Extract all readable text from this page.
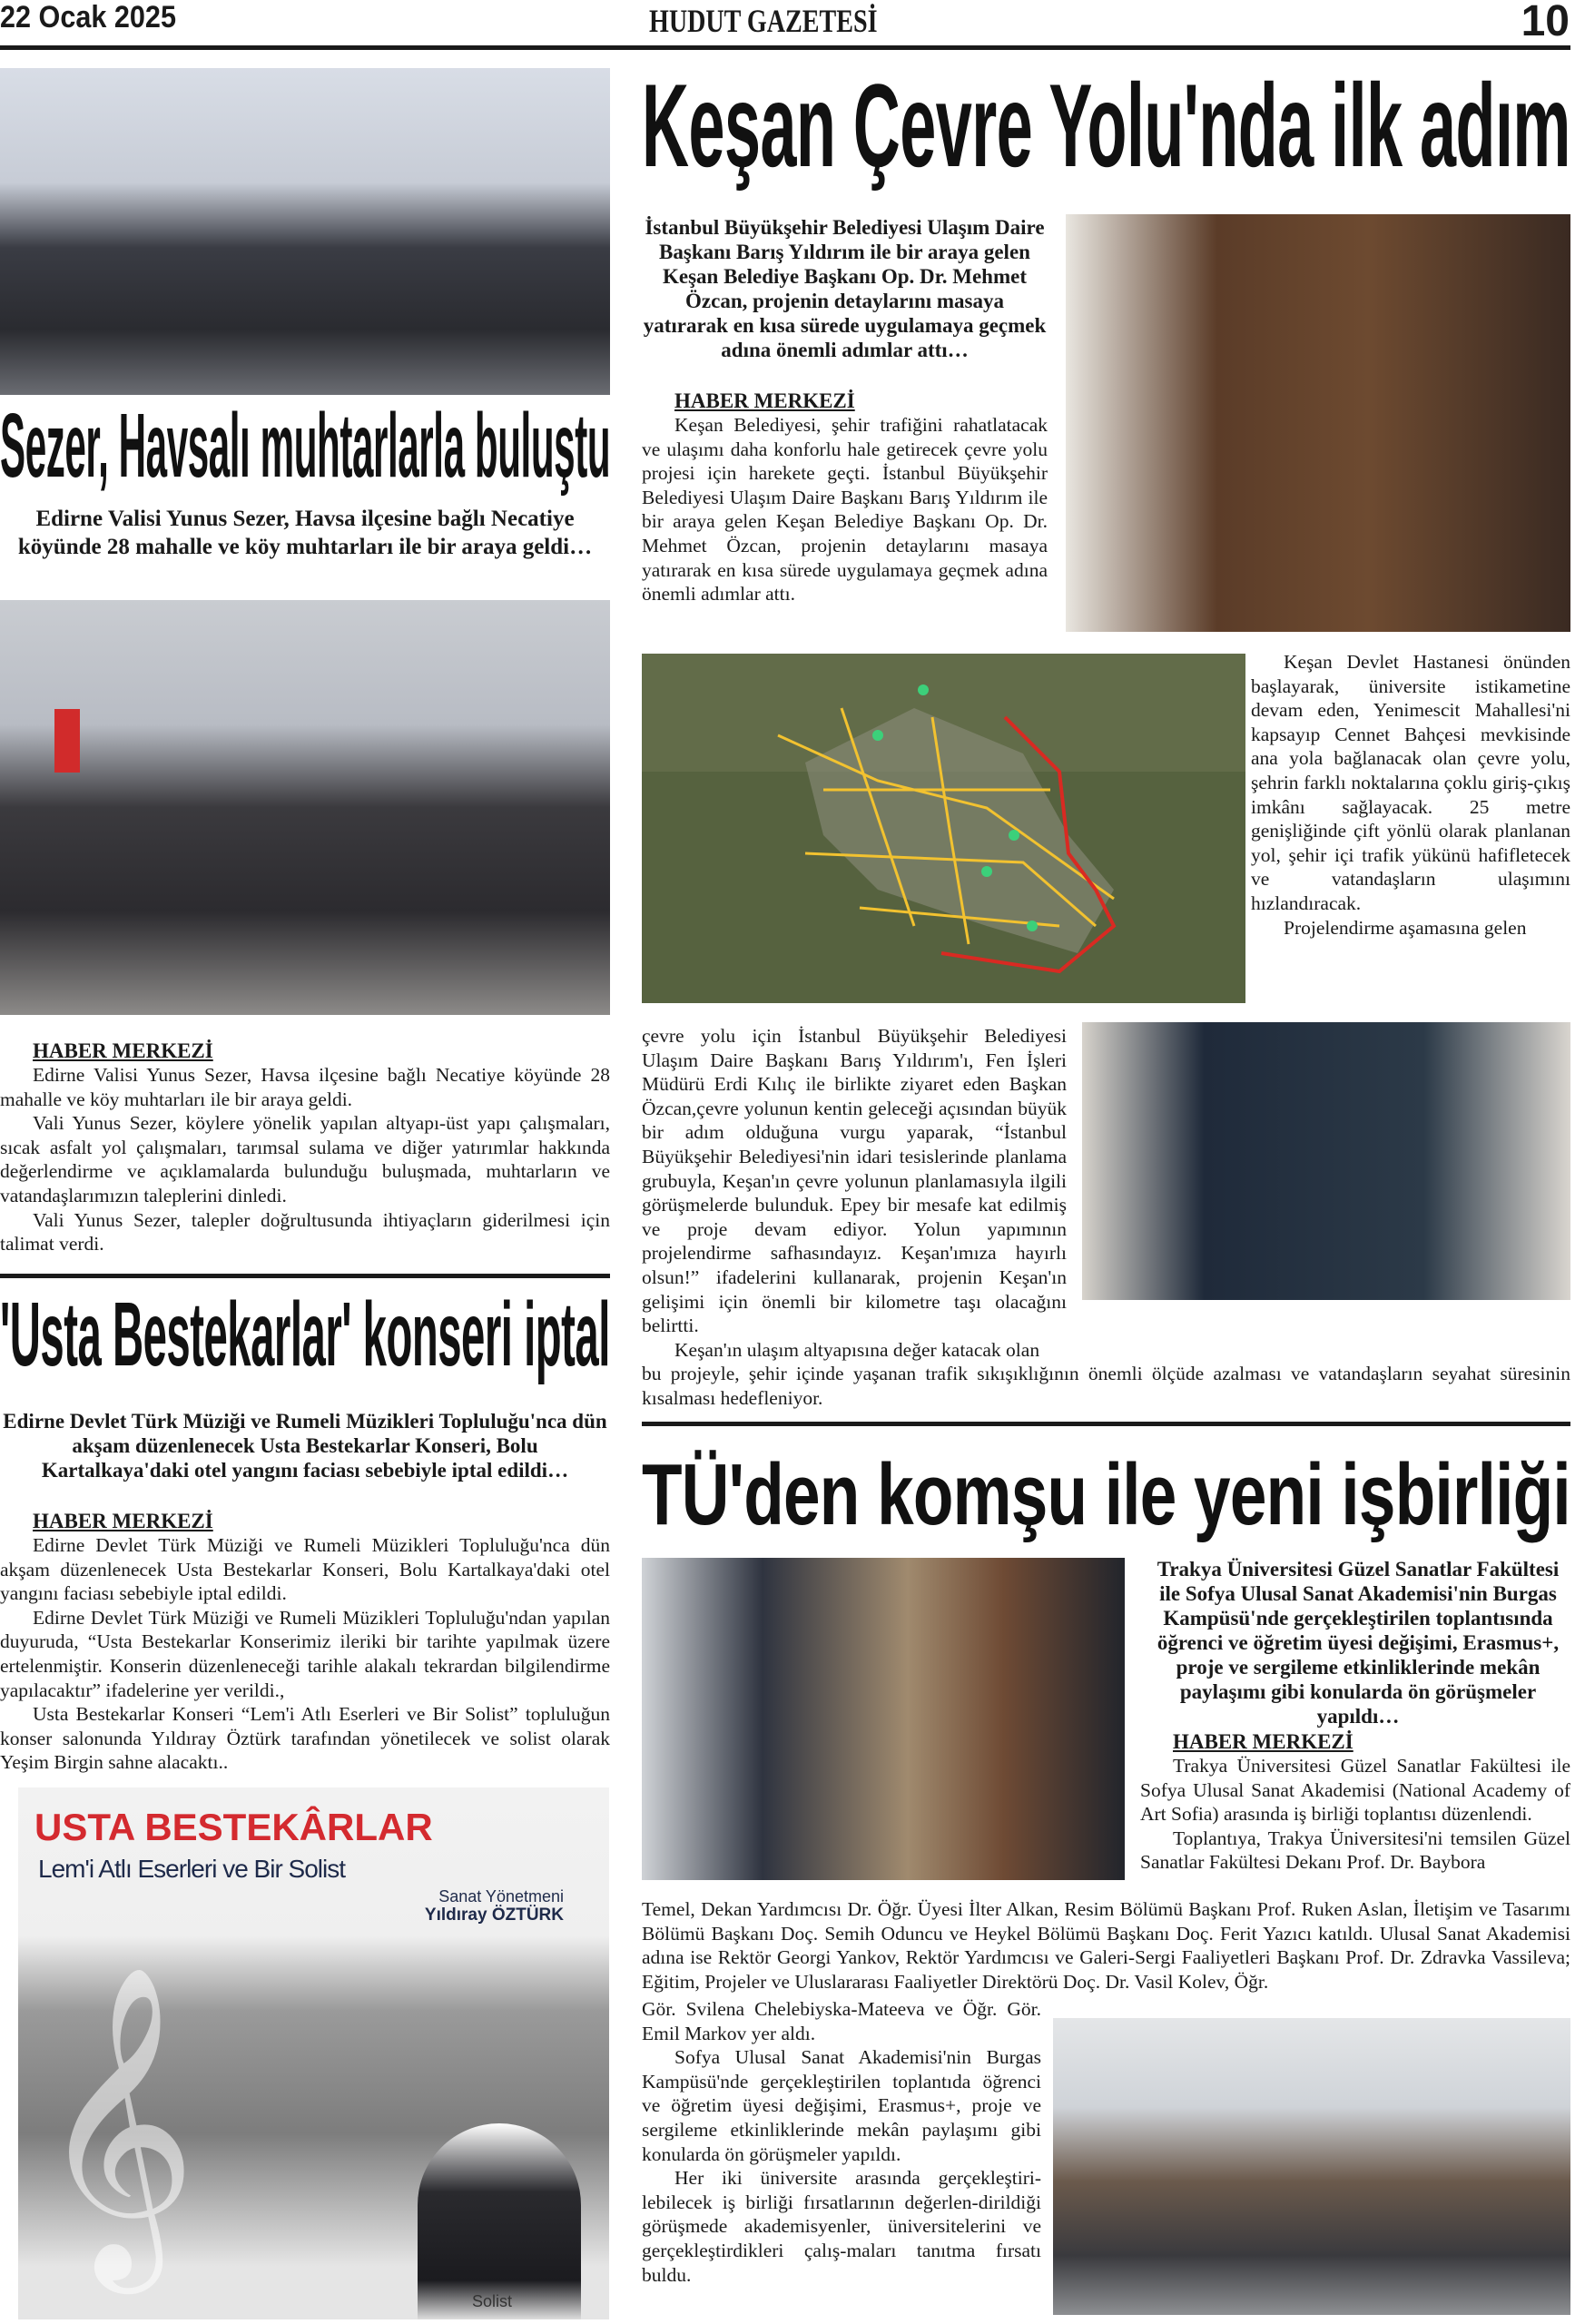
22 Ocak 2025	HUDUT GAZETESİ	10
Sezer, Havsalı muhtarlarla buluştu
Edirne Valisi Yunus Sezer, Havsa ilçesine bağlı Necatiye köyünde 28 mahalle ve köy muhtarları ile bir araya geldi…
HABER MERKEZİ

Edirne Valisi Yunus Sezer, Havsa ilçesine bağlı Necatiye köyünde 28 mahalle ve köy muhtarları ile bir araya geldi.

Vali Yunus Sezer, köylere yönelik yapılan altyapı-üst yapı çalışmaları, sıcak asfalt yol çalışmaları, tarımsal sulama ve diğer yatırımlar hakkında değerlendirme ve açıklamalarda bulunduğu buluşmada, muhtarların ve vatandaşlarımızın taleplerini dinledi.

Vali Yunus Sezer, talepler doğrultusunda ihtiyaçların giderilmesi için talimat verdi.

'Usta Bestekarlar' konseri iptal
Edirne Devlet Türk Müziği ve Rumeli Müzikleri Topluluğu'nca dün akşam düzenlenecek Usta Bestekarlar Konseri, Bolu Kartalkaya'daki otel yangını faciası sebebiyle iptal edildi…
HABER MERKEZİ

Edirne Devlet Türk Müziği ve Rumeli Müzikleri Topluluğu'nca dün akşam düzenlenecek Usta Bestekarlar Konseri, Bolu Kartalkaya'daki otel yangını faciası sebebiyle iptal edildi.

Edirne Devlet Türk Müziği ve Rumeli Müzikleri Topluluğu'ndan yapılan duyuruda, “Usta Bestekarlar Konserimiz ileriki bir tarihte yapılmak üzere ertelenmiştir. Konserin düzenleneceği tarihle alakalı tekrardan bilgilendirme yapılacaktır” ifadelerine yer verildi.,

Usta Bestekarlar Konseri “Lem'i Atlı Eserleri ve Bir Solist” topluluğun konser salonunda Yıldıray Öztürk tarafından yönetilecek ve solist olarak Yeşim Birgin sahne alacaktı..

USTA BESTEKÂRLAR
Lem'i Atlı Eserleri ve Bir Solist
Sanat Yönetmeni
Yıldıray ÖZTÜRK
𝄞
Solist
Keşan Çevre Yolu'nda ilk adım
İstanbul Büyükşehir Belediyesi Ulaşım Daire Başkanı Barış Yıldırım ile bir araya gelen Keşan Belediye Başkanı Op. Dr. Mehmet Özcan, projenin detaylarını masaya yatırarak en kısa sürede uygulamaya geçmek adına önemli adımlar attı…
HABER MERKEZİ

Keşan Belediyesi, şehir trafiğini rahatlatacak ve ulaşımı daha konforlu hale getirecek çevre yolu projesi için harekete geçti. İstanbul Büyükşehir Belediyesi Ulaşım Daire Başkanı Barış Yıldırım ile bir araya gelen Keşan Belediye Başkanı Op. Dr. Mehmet Özcan, projenin detaylarını masaya yatırarak en kısa sürede uygulamaya geçmek adına önemli adımlar attı.

Keşan Devlet Hastanesi önünden başlayarak, üniversite istikametine devam eden, Yenimescit Mahallesi'ni kapsayıp Cennet Bahçesi mevkisinde ana yola bağlanacak olan çevre yolu, şehrin farklı noktalarına çoklu giriş-çıkış imkânı sağlayacak. 25 metre genişliğinde çift yönlü olarak planlanan yol, şehir içi trafik yükünü hafifletecek ve vatandaşların ulaşımını hızlandıracak.

Projelendirme aşamasına gelen

çevre yolu için İstanbul Büyükşehir Belediyesi Ulaşım Daire Başkanı Barış Yıldırım'ı, Fen İşleri Müdürü Erdi Kılıç ile birlikte ziyaret eden Başkan Özcan,çevre yolunun kentin geleceği açısından büyük bir adım olduğuna vurgu yaparak, “İstanbul Büyükşehir Belediyesi'nin idari tesislerinde planlama grubuyla, Keşan'ın çevre yolunun planlamasıyla ilgili görüşmelerde bulunduk. Epey bir mesafe kat edilmiş ve proje devam ediyor. Yolun yapımının projelendirme safhasındayız. Keşan'ımıza hayırlı olsun!” ifadelerini kullanarak, projenin Keşan'ın gelişimi için önemli bir kilometre taşı olacağını belirtti.

Keşan'ın ulaşım altyapısına değer katacak olan

bu projeyle, şehir içinde yaşanan trafik sıkışıklığının önemli ölçüde azalması ve vatandaşların seyahat süresinin kısalması hedefleniyor.
TÜ'den komşu ile yeni işbirliği
Trakya Üniversitesi Güzel Sanatlar Fakültesi ile Sofya Ulusal Sanat Akademisi'nin Burgas Kampüsü'nde gerçekleştirilen toplantısında öğrenci ve öğretim üyesi değişimi, Erasmus+, proje ve sergileme etkinliklerinde mekân paylaşımı gibi konularda ön görüşmeler yapıldı…
HABER MERKEZİ

Trakya Üniversitesi Güzel Sanatlar Fakültesi ile Sofya Ulusal Sanat Akademisi (National Academy of Art Sofia) arasında iş birliği toplantısı düzenlendi.

Toplantıya, Trakya Üniversitesi'ni temsilen Güzel Sanatlar Fakültesi Dekanı Prof. Dr. Baybora

Temel, Dekan Yardımcısı Dr. Öğr. Üyesi İlter Alkan, Resim Bölümü Başkanı Prof. Ruken Aslan, İletişim ve Tasarımı Bölümü Başkanı Doç. Semih Oduncu ve Heykel Bölümü Başkanı Doç. Ferit Yazıcı katıldı. Ulusal Sanat Akademisi adına ise Rektör Georgi Yankov, Rektör Yardımcısı ve Galeri-Sergi Faaliyetleri Başkanı Prof. Dr. Zdravka Vassileva; Eğitim, Projeler ve Uluslararası Faaliyetler Direktörü Doç. Dr. Vasil Kolev, Öğr.

Gör. Svilena Chelebiyska-Mateeva ve Öğr. Gör. Emil Markov yer aldı.

Sofya Ulusal Sanat Akademisi'nin Burgas Kampüsü'nde gerçekleştirilen toplantıda öğrenci ve öğretim üyesi değişimi, Erasmus+, proje ve sergileme etkinliklerinde mekân paylaşımı gibi konularda ön görüşmeler yapıldı.

Her iki üniversite arasında gerçekleştiri-lebilecek iş birliği fırsatlarının değerlen-dirildiği görüşmede akademisyenler, üniversitelerini ve gerçekleştirdikleri çalış-maları tanıtma fırsatı buldu.
